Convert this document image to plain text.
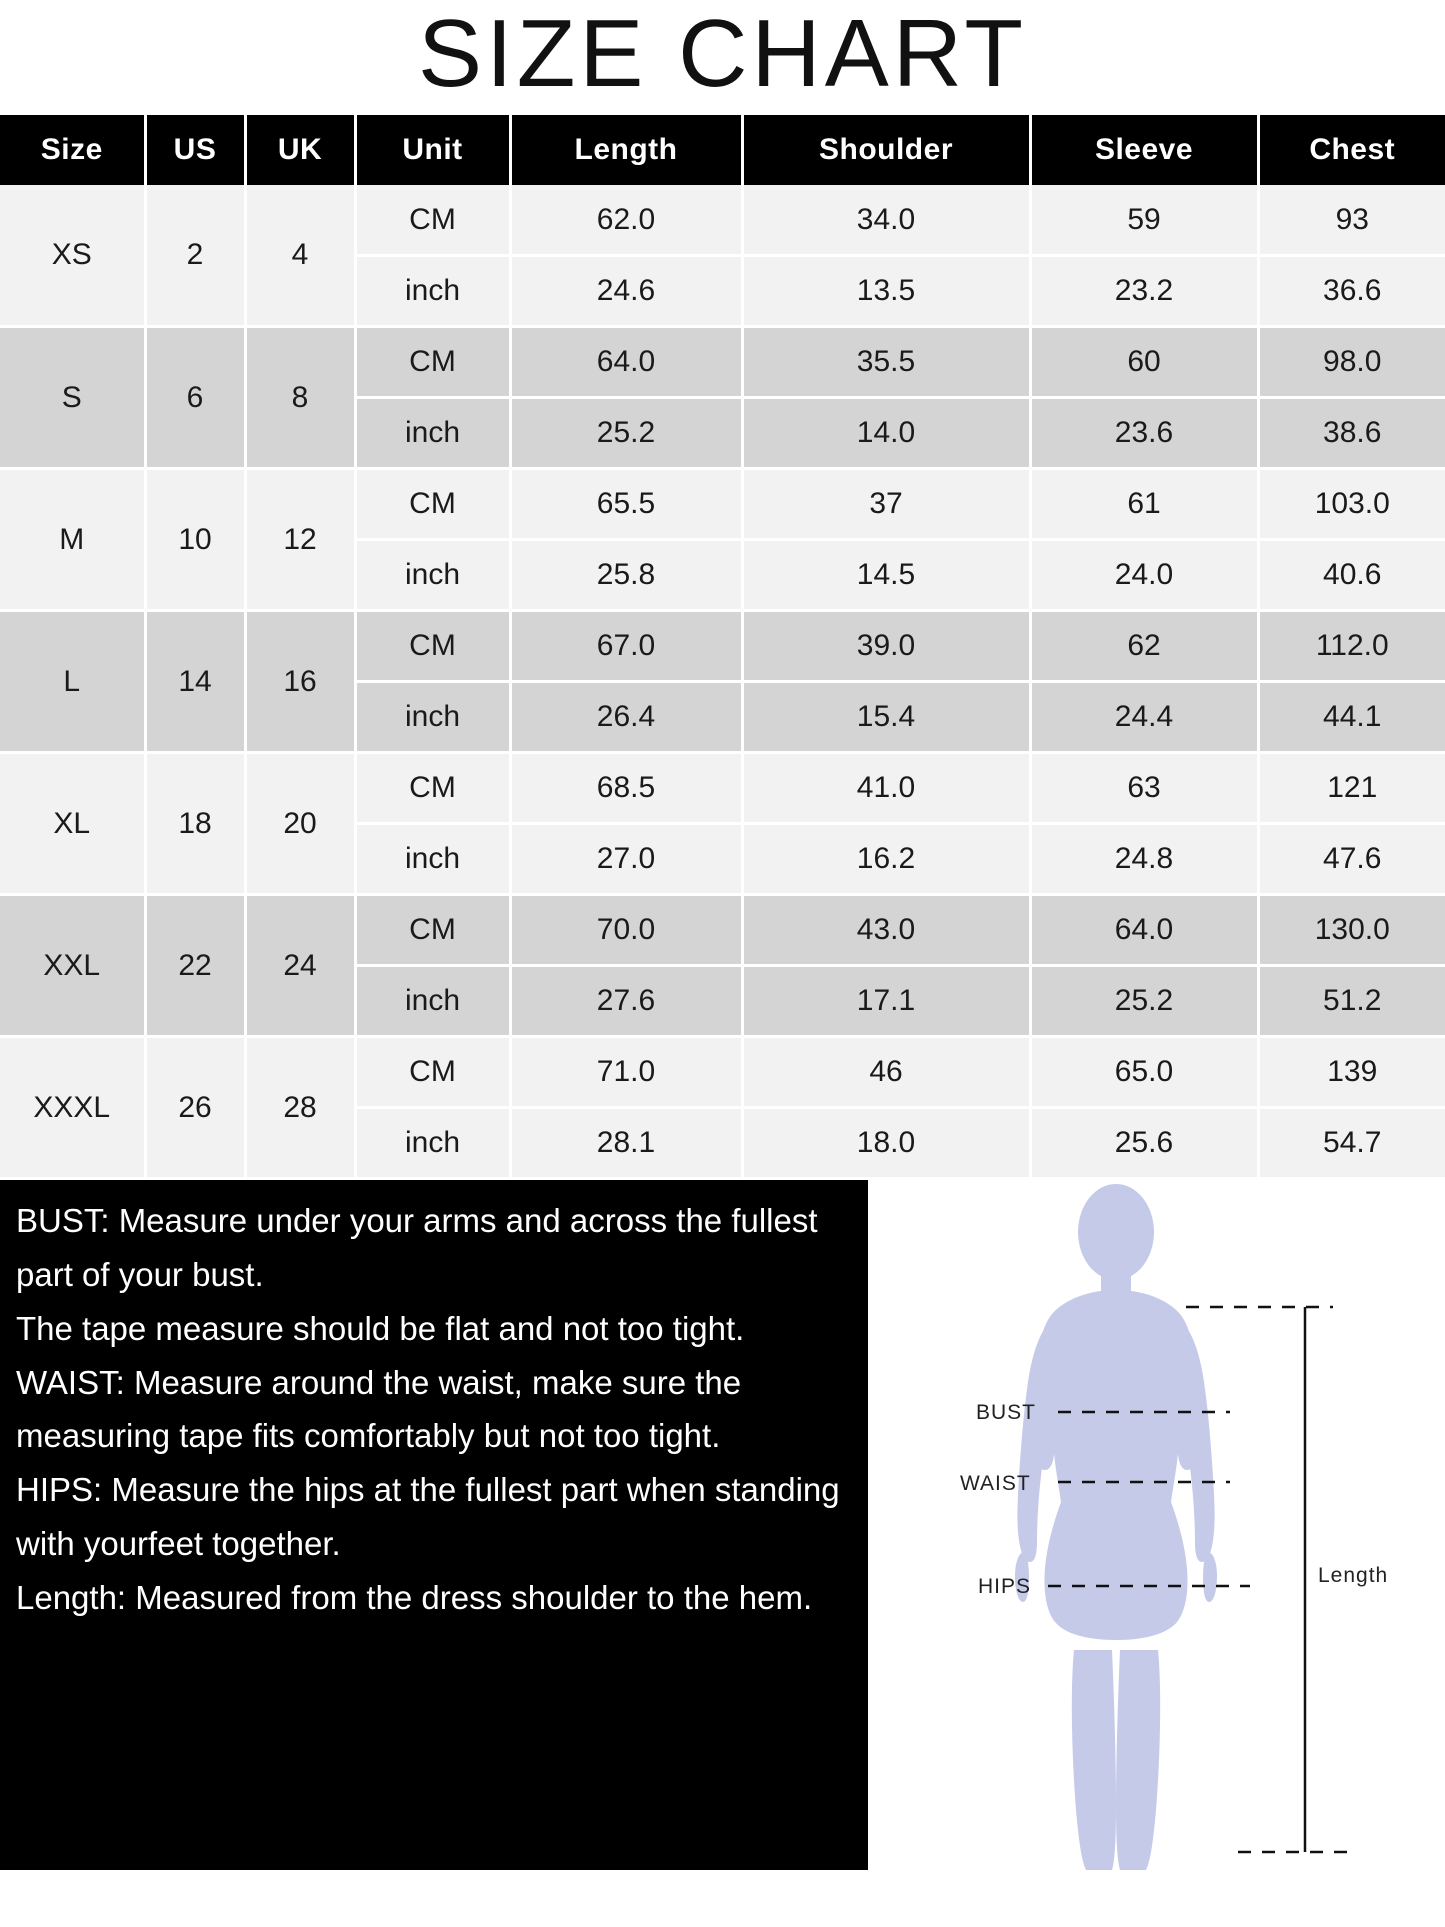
SIZE CHART
Size	US	UK	Unit	Length	Shoulder	Sleeve	Chest
XS	2	4	CM	62.0	34.0	59	93
			inch	24.6	13.5	23.2	36.6
S	6	8	CM	64.0	35.5	60	98.0
			inch	25.2	14.0	23.6	38.6
M	10	12	CM	65.5	37	61	103.0
			inch	25.8	14.5	24.0	40.6
L	14	16	CM	67.0	39.0	62	112.0
			inch	26.4	15.4	24.4	44.1
XL	18	20	CM	68.5	41.0	63	121
			inch	27.0	16.2	24.8	47.6
XXL	22	24	CM	70.0	43.0	64.0	130.0
			inch	27.6	17.1	25.2	51.2
XXXL	26	28	CM	71.0	46	65.0	139
			inch	28.1	18.0	25.6	54.7

BUST: Measure under your arms and across the fullest part of your bust.

The tape measure should be flat and not too tight.

WAIST: Measure around the waist, make sure the measuring tape fits comfortably but not too tight.

HIPS: Measure the hips at the fullest part when standing with yourfeet together.

Length: Measured from the dress shoulder to the hem.

BUST
WAIST
HIPS	Length
